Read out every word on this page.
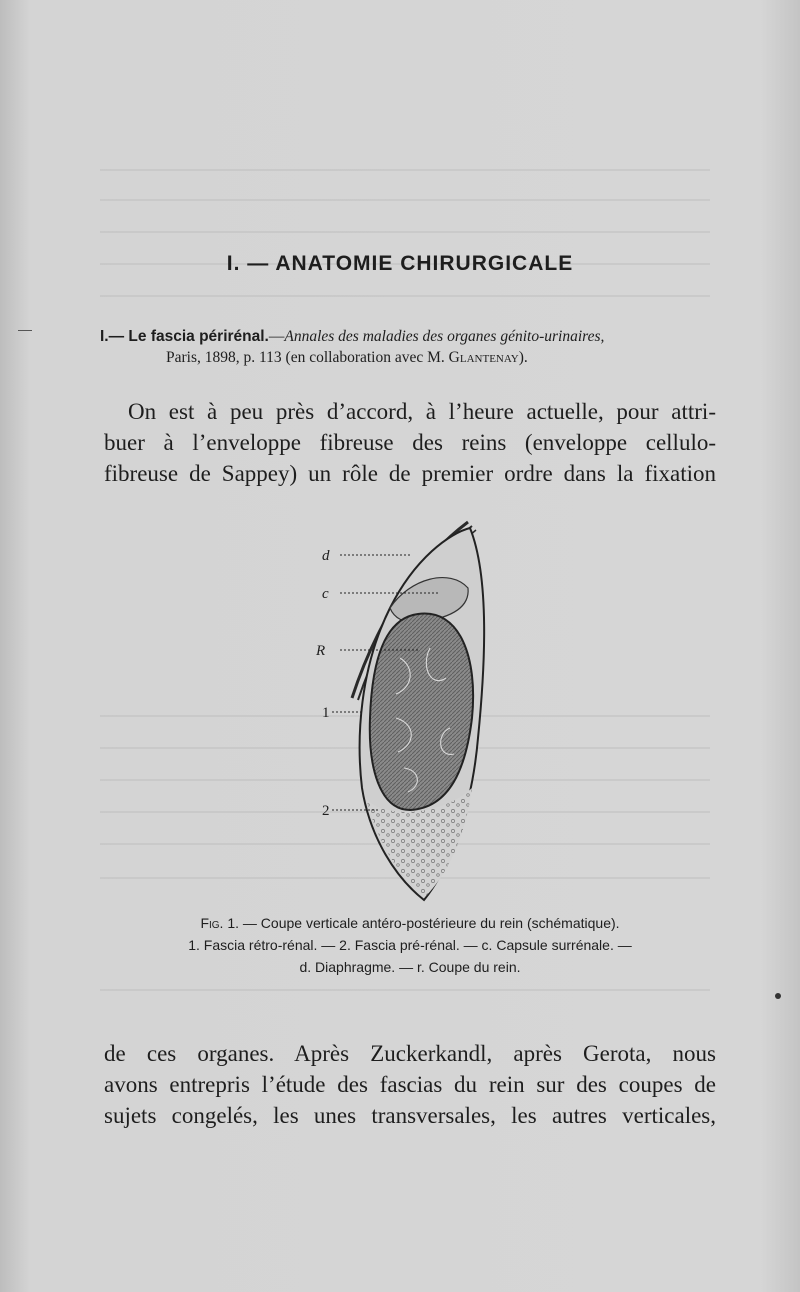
I. — ANATOMIE CHIRURGICALE
I.— Le fascia périrénal.—Annales des maladies des organes génito-urinaires,
Paris, 1898, p. 113 (en collaboration avec M. Glantenay).
On est à peu près d’accord, à l’heure actuelle, pour attri-
buer à l’enveloppe fibreuse des reins (enveloppe cellulo-
fibreuse de Sappey) un rôle de premier ordre dans la fixation
d
c
R
1
2
Fig. 1. — Coupe verticale antéro-postérieure du rein (schématique).
1. Fascia rétro-rénal. — 2. Fascia pré-rénal. — c. Capsule surrénale. —
d. Diaphragme. — r. Coupe du rein.
de ces organes. Après Zuckerkandl, après Gerota, nous
avons entrepris l’étude des fascias du rein sur des coupes de
sujets congelés, les unes transversales, les autres verticales,
